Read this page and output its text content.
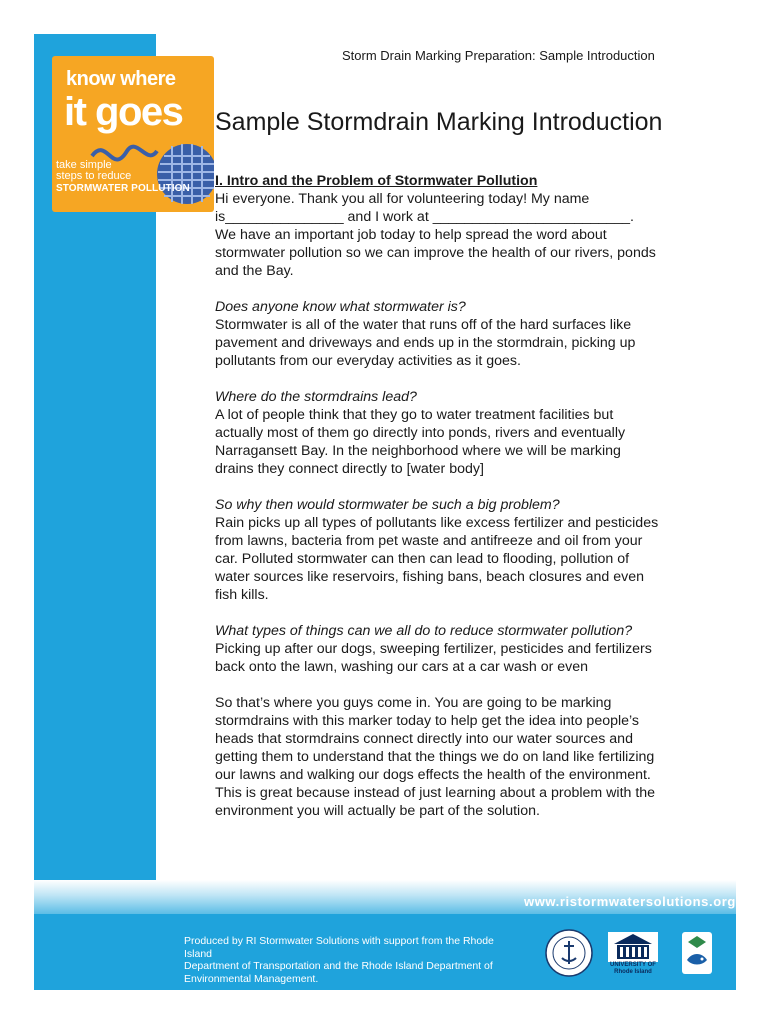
know where
it goes
take simple
steps to reduce
STORMWATER POLLUTION
Storm Drain Marking Preparation: Sample Introduction
Sample Stormdrain Marking Introduction
I. Intro and the Problem of Stormwater Pollution
Hi everyone. Thank you all for volunteering today! My name
is_______________ and I work at _________________________.
We have an important job today to help spread the word about
stormwater pollution so we can improve the health of our rivers, ponds
and the Bay.
Does anyone know what stormwater is?
Stormwater is all of the water that runs off of the hard surfaces like
pavement and driveways and ends up in the stormdrain, picking up
pollutants from our everyday activities as it goes.
Where do the stormdrains lead?
A lot of people think that they go to water treatment facilities but
actually most of them go directly into ponds, rivers and eventually
Narragansett Bay. In the neighborhood where we will be marking
drains they connect directly to [water body]
So why then would stormwater be such a big problem?
Rain picks up all types of pollutants like excess fertilizer and pesticides
from lawns, bacteria from pet waste and antifreeze and oil from your
car. Polluted stormwater can then can lead to flooding, pollution of
water sources like reservoirs, fishing bans, beach closures and even
fish kills.
What types of things can we all do to reduce stormwater pollution?
Picking up after our dogs, sweeping fertilizer, pesticides and fertilizers
back onto the lawn, washing our cars at a car wash or even
So that’s where you guys come in. You are going to be marking
stormdrains with this marker today to help get the idea into people’s
heads that stormdrains connect directly into our water sources and
getting them to understand that the things we do on land like fertilizing
our lawns and walking our dogs effects the health of the environment.
This is great because instead of just learning about a problem with the
environment you will actually be part of the solution.
www.ristormwatersolutions.org
Produced by RI Stormwater Solutions with support from the Rhode Island
Department of Transportation and the Rhode Island Department of
Environmental Management.
UNIVERSITY OF
Rhode Island
